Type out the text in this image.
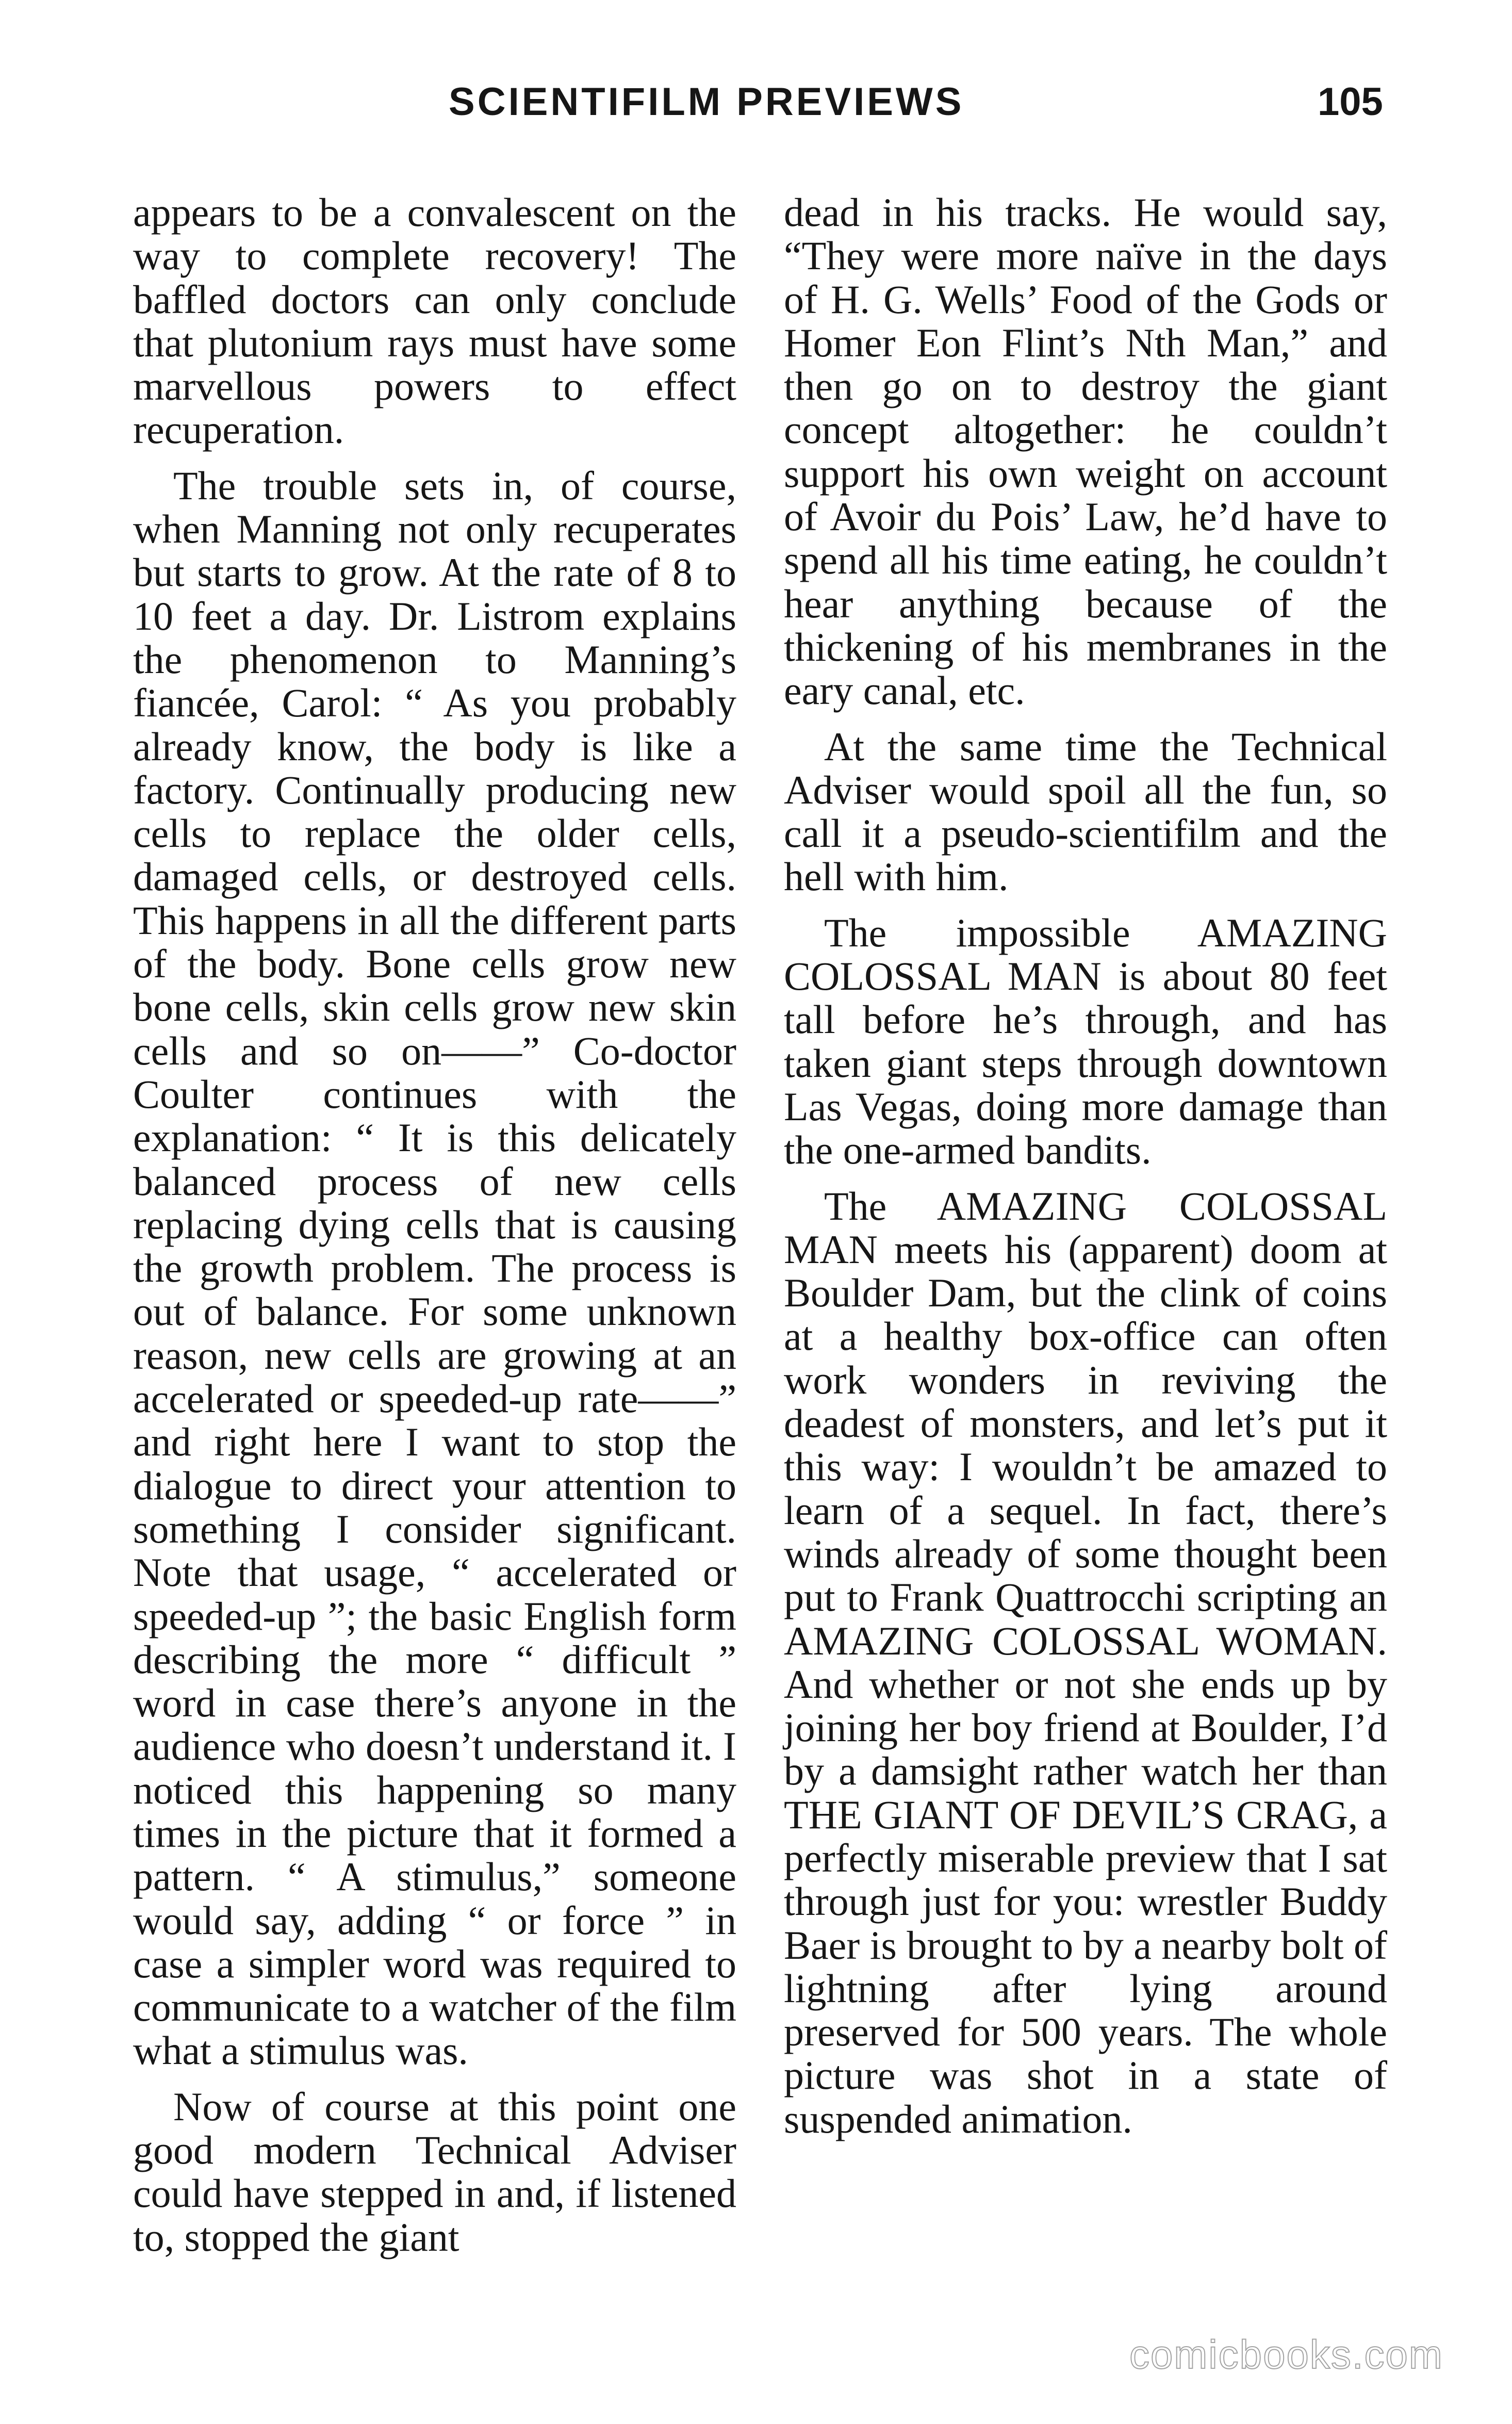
SCIENTIFILM PREVIEWS	105

appears to be a convalescent on the way to complete recovery! The baffled doctors can only conclude that plutonium rays must have some marvellous powers to effect recuperation.

The trouble sets in, of course, when Manning not only recuperates but starts to grow. At the rate of 8 to 10 feet a day. Dr. Listrom explains the phenomenon to Manning’s fiancée, Carol: “ As you probably already know, the body is like a factory. Continually producing new cells to replace the older cells, damaged cells, or destroyed cells. This happens in all the different parts of the body. Bone cells grow new bone cells, skin cells grow new skin cells and so on——” Co-doctor Coulter continues with the explanation: “ It is this delicately balanced process of new cells replacing dying cells that is causing the growth problem. The process is out of balance. For some unknown reason, new cells are growing at an accelerated or speeded-up rate——” and right here I want to stop the dialogue to direct your attention to something I consider significant. Note that usage, “ accelerated or speeded-up ”; the basic English form describing the more “ difficult ” word in case there’s anyone in the audience who doesn’t understand it. I noticed this happening so many times in the picture that it formed a pattern. “ A stimulus,” someone would say, adding “ or force ” in case a simpler word was required to communicate to a watcher of the film what a stimulus was.

Now of course at this point one good modern Technical Adviser could have stepped in and, if listened to, stopped the giant

dead in his tracks. He would say, “They were more naïve in the days of H. G. Wells’ Food of the Gods or Homer Eon Flint’s Nth Man,” and then go on to destroy the giant concept altogether: he couldn’t support his own weight on account of Avoir du Pois’ Law, he’d have to spend all his time eating, he couldn’t hear anything because of the thickening of his membranes in the eary canal, etc.

At the same time the Technical Adviser would spoil all the fun, so call it a pseudo-scientifilm and the hell with him.

The impossible AMAZING COLOSSAL MAN is about 80 feet tall before he’s through, and has taken giant steps through downtown Las Vegas, doing more damage than the one-armed bandits.

The AMAZING COLOSSAL MAN meets his (apparent) doom at Boulder Dam, but the clink of coins at a healthy box-office can often work wonders in reviving the deadest of monsters, and let’s put it this way: I wouldn’t be amazed to learn of a sequel. In fact, there’s winds already of some thought been put to Frank Quattrocchi scripting an AMAZING COLOSSAL WOMAN. And whether or not she ends up by joining her boy friend at Boulder, I’d by a damsight rather watch her than THE GIANT OF DEVIL’S CRAG, a perfectly miserable preview that I sat through just for you: wrestler Buddy Baer is brought to by a nearby bolt of lightning after lying around preserved for 500 years. The whole picture was shot in a state of suspended animation.

comicbooks.com
